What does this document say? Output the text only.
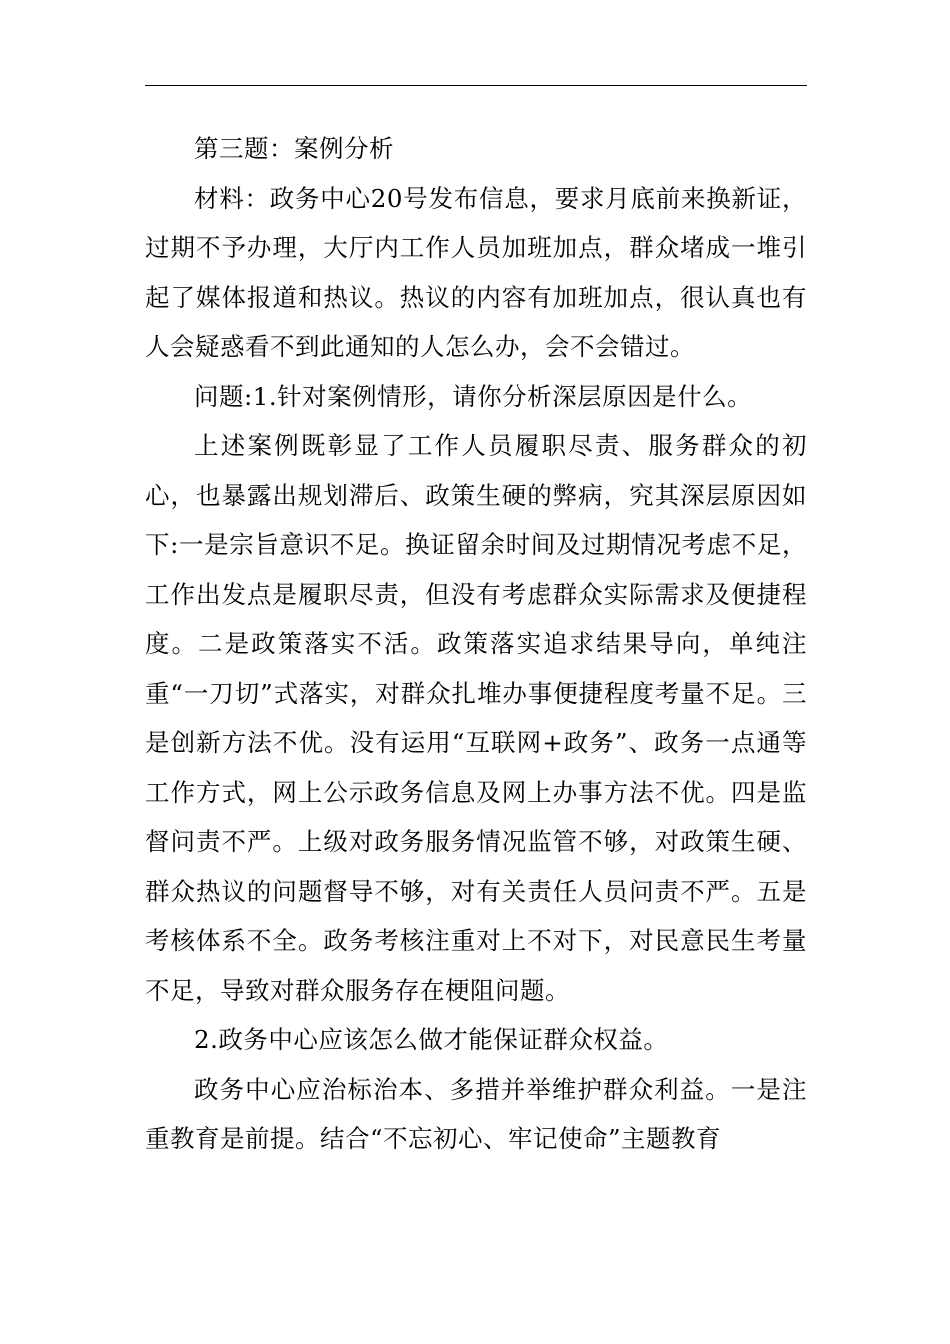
第三题：案例分析

材料：政务中心20号发布信息，要求月底前来换新证，过期不予办理，大厅内工作人员加班加点，群众堵成一堆引起了媒体报道和热议。热议的内容有加班加点，很认真也有人会疑惑看不到此通知的人怎么办，会不会错过。

问题:1.针对案例情形，请你分析深层原因是什么。

上述案例既彰显了工作人员履职尽责、服务群众的初心，也暴露出规划滞后、政策生硬的弊病，究其深层原因如下:一是宗旨意识不足。换证留余时间及过期情况考虑不足，工作出发点是履职尽责，但没有考虑群众实际需求及便捷程度。二是政策落实不活。政策落实追求结果导向，单纯注重“一刀切”式落实，对群众扎堆办事便捷程度考量不足。三是创新方法不优。没有运用“互联网+政务”、政务一点通等工作方式，网上公示政务信息及网上办事方法不优。四是监督问责不严。上级对政务服务情况监管不够，对政策生硬、群众热议的问题督导不够，对有关责任人员问责不严。五是考核体系不全。政务考核注重对上不对下，对民意民生考量不足，导致对群众服务存在梗阻问题。

2.政务中心应该怎么做才能保证群众权益。

政务中心应治标治本、多措并举维护群众利益。一是注重教育是前提。结合“不忘初心、牢记使命”主题教育
